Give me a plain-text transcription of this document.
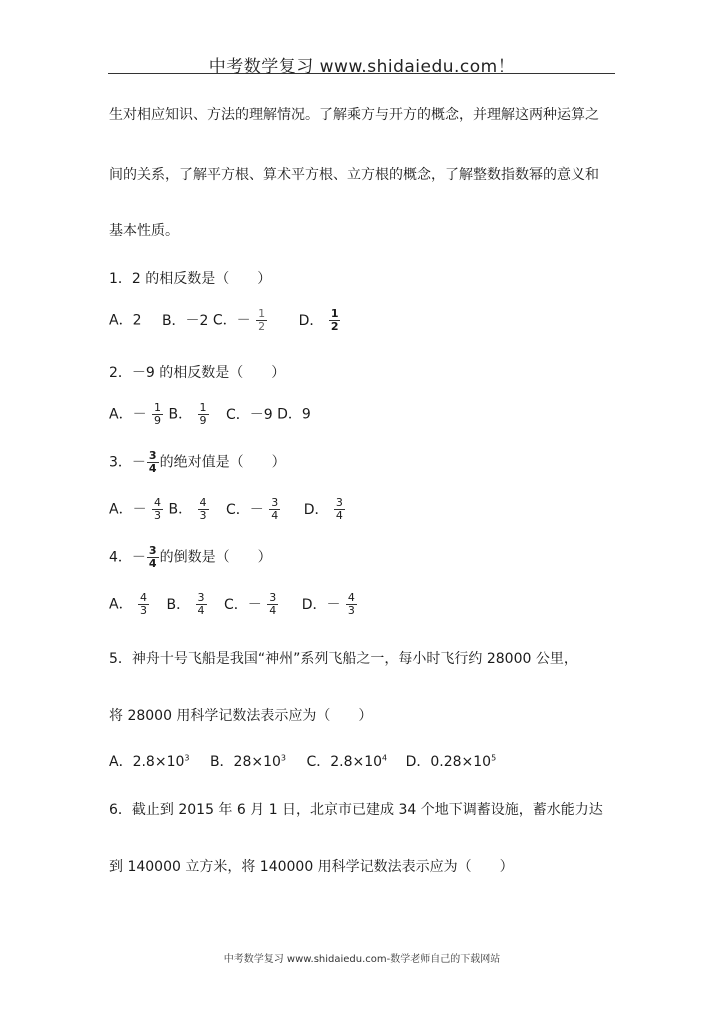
中考数学复习 www.shidaiedu.com！
生对相应知识、方法的理解情况。了解乘方与开方的概念，并理解这两种运算之
间的关系，了解平方根、算术平方根、立方根的概念，了解整数指数幂的意义和
基本性质。
1．2 的相反数是（　　）
A．2 B．－2 C．－ $\frac{1}{2}$ D． $\frac{1}{2}$
2．－9 的相反数是（　　）
A．－ $\frac{1}{9}$ B． $\frac{1}{9}$ C．－9 D．9
3．－ $\frac{3}{4}$ 的绝对值是（　　）
A．－ $\frac{4}{3}$ B． $\frac{4}{3}$ C．－ $\frac{3}{4}$ D． $\frac{3}{4}$
4．－ $\frac{3}{4}$ 的倒数是（　　）
A． $\frac{4}{3}$ B． $\frac{3}{4}$ C．－ $\frac{3}{4}$ D．－ $\frac{4}{3}$
5．神舟十号飞船是我国“神州”系列飞船之一，每小时飞行约 28000 公里，
将 28000 用科学记数法表示应为（　　）
A．$2.8\times 10^3$ B．$28\times 10^3$ C．$2.8\times 10^4$ D．$0.28\times 10^5$
6．截止到 2015 年 6 月 1 日，北京市已建成 34 个地下调蓄设施，蓄水能力达
到 140000 立方米，将 140000 用科学记数法表示应为（　　）
中考数学复习 www.shidaiedu.com-数学老师自己的下载网站
